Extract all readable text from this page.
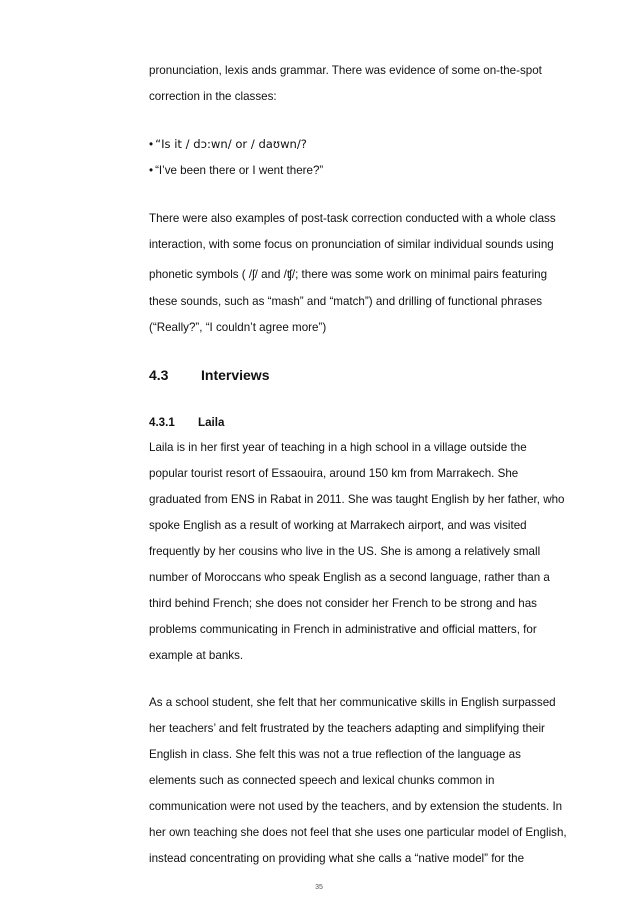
pronunciation, lexis ands grammar. There was evidence of some on-the-spot
correction in the classes:
• “Is it / dɔ:wn/ or / daʊwn/?
• “I’ve been there or I went there?”
There were also examples of post-task correction conducted with a whole class
interaction, with some focus on pronunciation of similar individual sounds using
phonetic symbols ( /ʃ/ and /ʧ/; there was some work on minimal pairs featuring
these sounds, such as “mash” and “match”) and drilling of functional phrases
(“Really?”, “I couldn’t agree more”)
4.3 Interviews
4.3.1 Laila
Laila is in her first year of teaching in a high school in a village outside the
popular tourist resort of Essaouira, around 150 km from Marrakech. She
graduated from ENS in Rabat in 2011. She was taught English by her father, who
spoke English as a result of working at Marrakech airport, and was visited
frequently by her cousins who live in the US. She is among a relatively small
number of Moroccans who speak English as a second language, rather than a
third behind French; she does not consider her French to be strong and has
problems communicating in French in administrative and official matters, for
example at banks.
As a school student, she felt that her communicative skills in English surpassed
her teachers’ and felt frustrated by the teachers adapting and simplifying their
English in class. She felt this was not a true reflection of the language as
elements such as connected speech and lexical chunks common in
communication were not used by the teachers, and by extension the students. In
her own teaching she does not feel that she uses one particular model of English,
instead concentrating on providing what she calls a “native model” for the
35
